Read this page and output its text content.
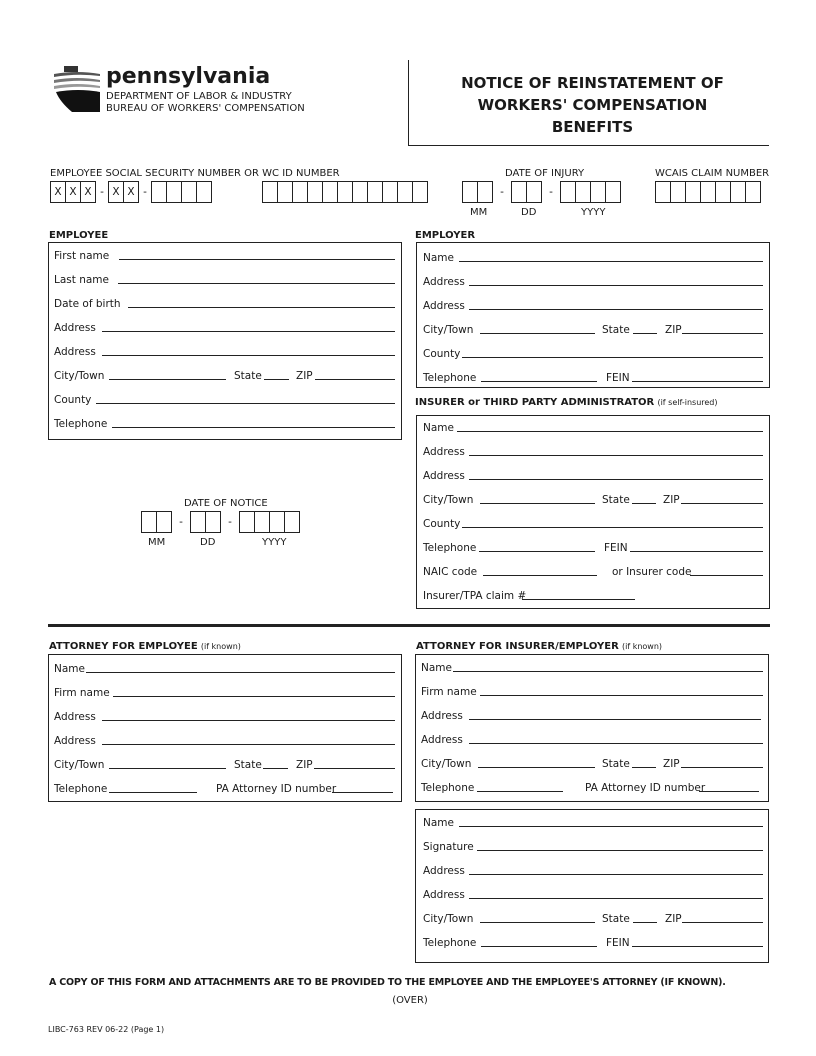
pennsylvania
DEPARTMENT OF LABOR & INDUSTRY
BUREAU OF WORKERS' COMPENSATION
NOTICE OF REINSTATEMENT OF
WORKERS' COMPENSATION
BENEFITS
EMPLOYEE SOCIAL SECURITY NUMBER OR WC ID NUMBER
X X X - X X -
DATE OF INJURY
-	-
MM	DD	YYYY
WCAIS CLAIM NUMBER
EMPLOYEE
First name
Last name
Date of birth
Address
Address
City/Town	State	ZIP
County
Telephone
EMPLOYER
Name
Address
Address
City/Town	State	ZIP
County
Telephone	FEIN
INSURER or THIRD PARTY ADMINISTRATOR (if self-insured)
Name
Address
Address
City/Town	State	ZIP
County
Telephone	FEIN
NAIC code	or Insurer code
Insurer/TPA claim #
DATE OF NOTICE
-	-
MM	DD	YYYY
ATTORNEY FOR EMPLOYEE (if known)
Name
Firm name
Address
Address
City/Town	State	ZIP
Telephone	PA Attorney ID number
ATTORNEY FOR INSURER/EMPLOYER (if known)
Name
Firm name
Address
Address
City/Town	State	ZIP
Telephone	PA Attorney ID number
Name
Signature
Address
Address
City/Town	State	ZIP
Telephone	FEIN
A COPY OF THIS FORM AND ATTACHMENTS ARE TO BE PROVIDED TO THE EMPLOYEE AND THE EMPLOYEE'S ATTORNEY (IF KNOWN).
(OVER)
LIBC-763 REV 06-22 (Page 1)
